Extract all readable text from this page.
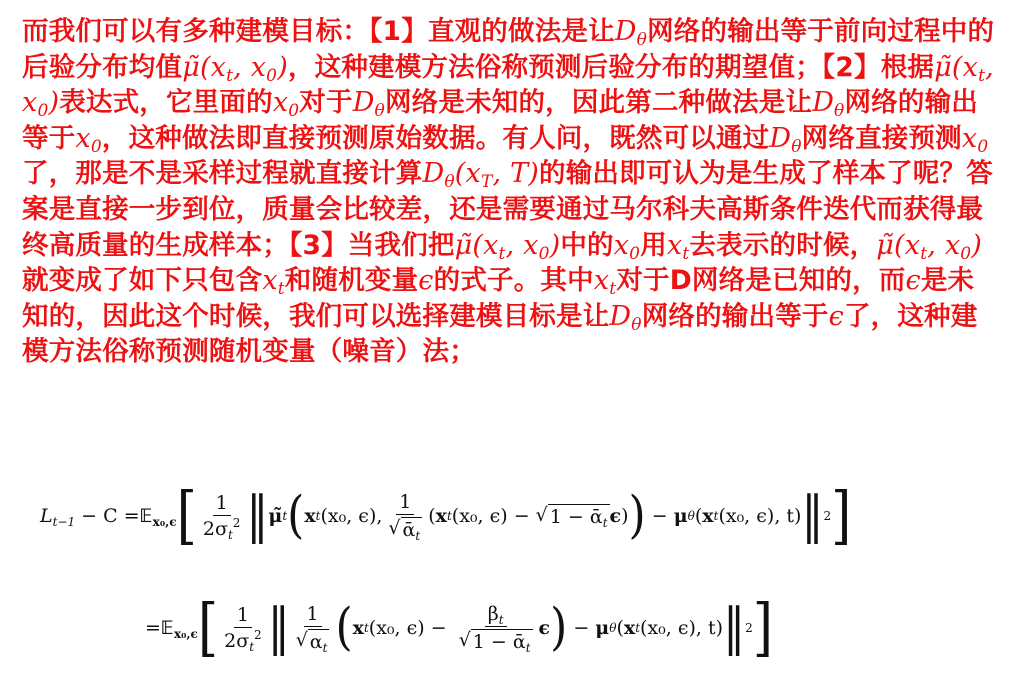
而我们可以有多种建模目标：【1】直观的做法是让$D_\theta$网络的输出等于前向过程中的后验分布均值$\mũ(x_t$, $x_0$)，这种建模方法俗称预测后验分布的期望值；【2】根据$\mũ(x_t$, $x_0$)表达式，它里面的$x_0$对于$D_\theta$网络是未知的，因此第二种做法是让$D_\theta$网络的输出等于$x_0$，这种做法即直接预测原始数据。有人问，既然可以通过$D_\theta$网络直接预测$x_0$了，那是不是采样过程就直接计算$D_\theta(x_T$, T)的输出即可认为是生成了样本了呢？答案是直接一步到位，质量会比较差，还是需要通过马尔科夫高斯条件迭代而获得最终高质量的生成样本；【3】当我们把$\mũ(x_t$, $x_0$)中的$x_0$用$x_t$去表示的时候，$\mũ(x_t$, $x_0$)就变成了如下只包含$x_t$和随机变量ϵ的式子。其中$x_t$对于D网络是已知的，而ϵ是未知的，因此这个时候，我们可以选择建模目标是让$D_\theta$网络的输出等于ϵ了，这种建模方法俗称预测随机变量（噪音）法；
$L_{t-1} - C$ = 𝔼$_{x_0,\epsilon}$ [ $\frac{1}{2\sigma_t^2}$ ‖ μ̃ t ( x t (x₀, ϵ) , $\frac{1}{√ ᾱ_t}$ ( x t (x₀, ϵ) − √ 1 − ᾱ$_t$ ϵ ) ) − μ θ ( x t (x₀, ϵ) , t) ‖ 2 ]
= 𝔼$_{x_0,\epsilon}$ [ $\frac{1}{2\sigma_t^2}$ ‖ $\frac{1}{√ \alpha_t}$ ( x t (x₀, $\epsilon) - \frac{\beta_t}{√ 1 - ᾱ_t}$ ϵ ) − μ θ ( x t (x₀, ϵ) , t) ‖ 2 ]
